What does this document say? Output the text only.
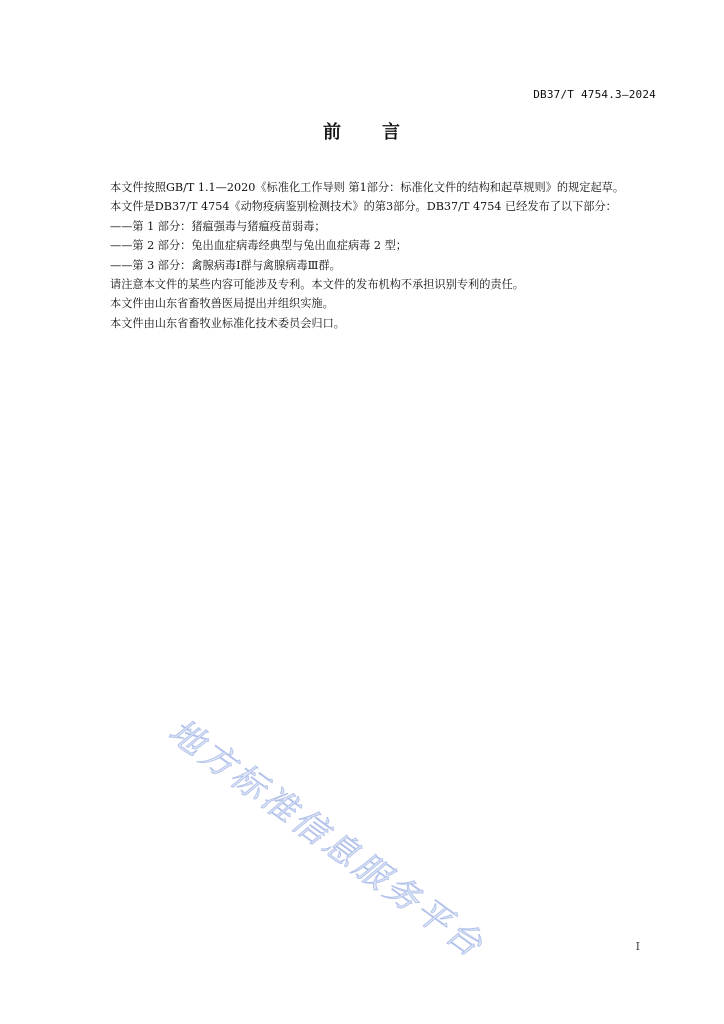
DB37/T 4754.3—2024
前 言

本文件按照GB/T 1.1—2020《标准化工作导则 第1部分：标准化文件的结构和起草规则》的规定起草。

本文件是DB37/T 4754《动物疫病鉴别检测技术》的第3部分。DB37/T 4754 已经发布了以下部分：

——第 1 部分：猪瘟强毒与猪瘟疫苗弱毒；

——第 2 部分：兔出血症病毒经典型与兔出血症病毒 2 型；

——第 3 部分：禽腺病毒Ⅰ群与禽腺病毒Ⅲ群。

请注意本文件的某些内容可能涉及专利。本文件的发布机构不承担识别专利的责任。

本文件由山东省畜牧兽医局提出并组织实施。

本文件由山东省畜牧业标准化技术委员会归口。

地方标准信息服务平台	I
